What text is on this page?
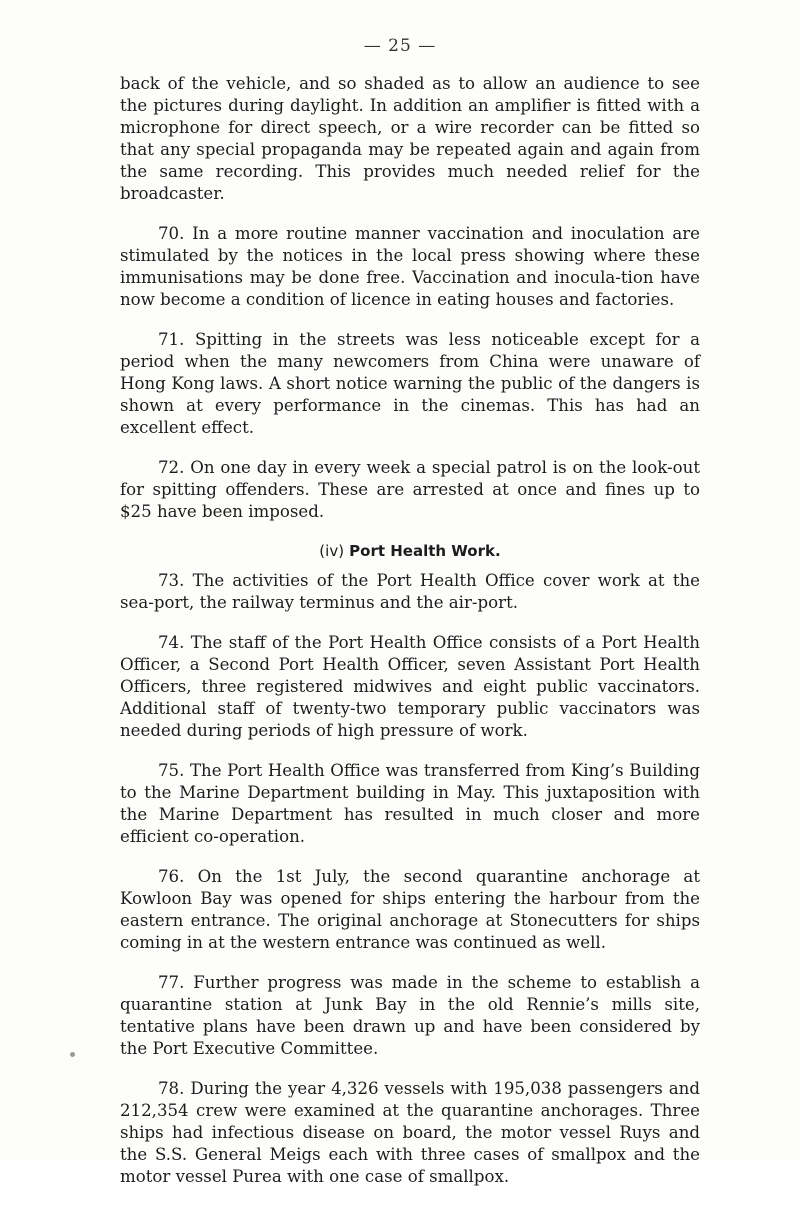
— 25 —

back of the vehicle, and so shaded as to allow an audience to see the pictures during daylight. In addition an amplifier is fitted with a microphone for direct speech, or a wire recorder can be fitted so that any special propaganda may be repeated again and again from the same recording. This provides much needed relief for the broadcaster.

70. In a more routine manner vaccination and inoculation are stimulated by the notices in the local press showing where these immunisations may be done free. Vaccination and inocula-tion have now become a condition of licence in eating houses and factories.

71. Spitting in the streets was less noticeable except for a period when the many newcomers from China were unaware of Hong Kong laws. A short notice warning the public of the dangers is shown at every performance in the cinemas. This has had an excellent effect.

72. On one day in every week a special patrol is on the look-out for spitting offenders. These are arrested at once and fines up to $25 have been imposed.

(iv) Port Health Work.

73. The activities of the Port Health Office cover work at the sea-port, the railway terminus and the air-port.

74. The staff of the Port Health Office consists of a Port Health Officer, a Second Port Health Officer, seven Assistant Port Health Officers, three registered midwives and eight public vaccinators. Additional staff of twenty-two temporary public vaccinators was needed during periods of high pressure of work.

75. The Port Health Office was transferred from King’s Building to the Marine Department building in May. This juxtaposition with the Marine Department has resulted in much closer and more efficient co-operation.

76. On the 1st July, the second quarantine anchorage at Kowloon Bay was opened for ships entering the harbour from the eastern entrance. The original anchorage at Stonecutters for ships coming in at the western entrance was continued as well.

77. Further progress was made in the scheme to establish a quarantine station at Junk Bay in the old Rennie’s mills site, tentative plans have been drawn up and have been considered by the Port Executive Committee.

78. During the year 4,326 vessels with 195,038 passengers and 212,354 crew were examined at the quarantine anchorages. Three ships had infectious disease on board, the motor vessel Ruys and the S.S. General Meigs each with three cases of smallpox and the motor vessel Purea with one case of smallpox.
